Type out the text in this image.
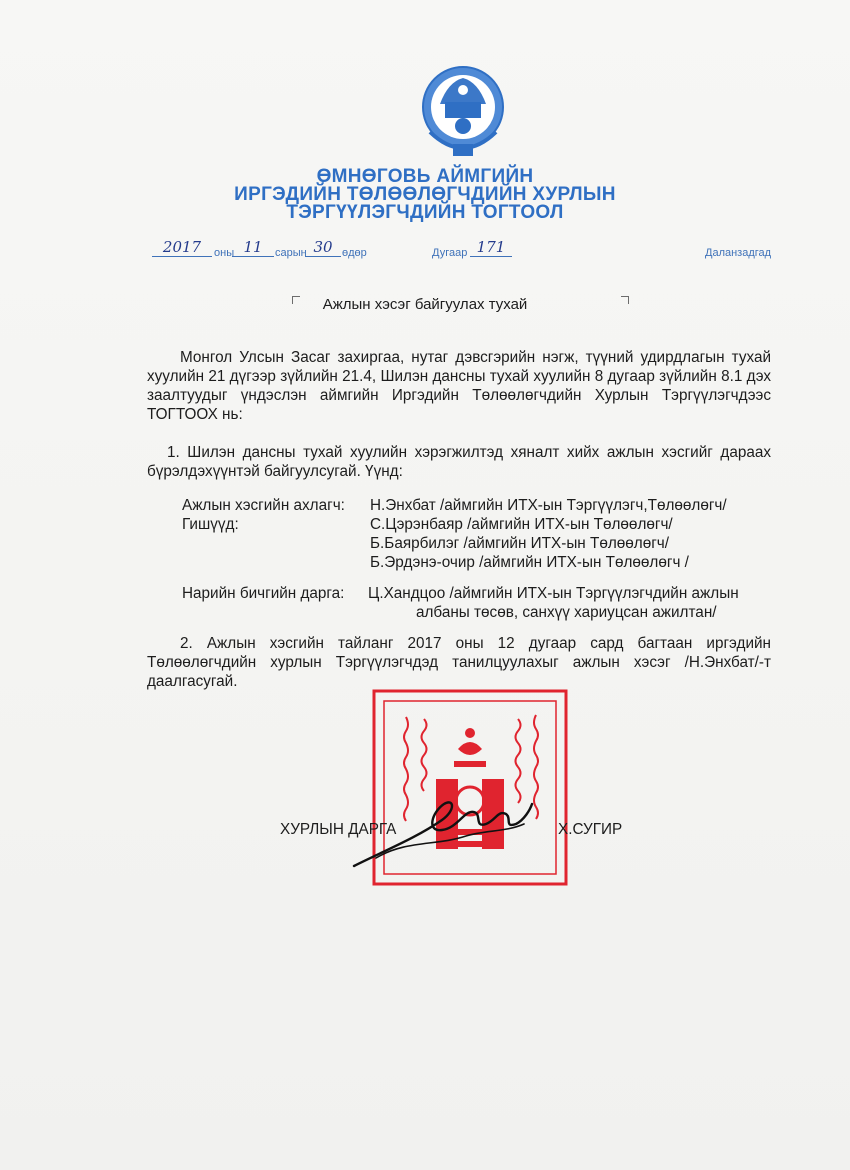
ӨМНӨГОВЬ АЙМГИЙН
ИРГЭДИЙН ТӨЛӨӨЛӨГЧДИЙН ХУРЛЫН
ТЭРГҮҮЛЭГЧДИЙН ТОГТООЛ
2017	оны 11	сарын 30 өдөр	Дугаар 171	Даланзадгад
Ажлын хэсэг байгуулах тухай
Монгол Улсын Засаг захиргаа, нутаг дэвсгэрийн нэгж, түүний удирдлагын тухай хуулийн 21 дүгээр зүйлийн 21.4, Шилэн дансны тухай хуулийн 8 дугаар зүйлийн 8.1 дэх заалтуудыг үндэслэн аймгийн Иргэдийн Төлөөлөгчдийн Хурлын Тэргүүлэгчдээс ТОГТООХ нь:
1. Шилэн дансны тухай хуулийн хэрэгжилтэд хяналт хийх ажлын хэсгийг дараах бүрэлдэхүүнтэй байгуулсугай. Үүнд:
Ажлын хэсгийн ахлагч: Н.Энхбат /аймгийн ИТХ-ын Тэргүүлэгч,Төлөөлөгч/
Гишүүд:	С.Цэрэнбаяр /аймгийн ИТХ-ын Төлөөлөгч/
Б.Баярбилэг /аймгийн ИТХ-ын Төлөөлөгч/
Б.Эрдэнэ-очир /аймгийн ИТХ-ын Төлөөлөгч /
Нарийн бичгийн дарга: Ц.Хандцоо /аймгийн ИТХ-ын Тэргүүлэгчдийн ажлын
албаны төсөв, санхүү хариуцсан ажилтан/
2. Ажлын хэсгийн тайланг 2017 оны 12 дугаар сард багтаан иргэдийн Төлөөлөгчдийн хурлын Тэргүүлэгчдэд танилцуулахыг ажлын хэсэг /Н.Энхбат/-т даалгасугай.
ХУРЛЫН ДАРГА	Х.СУГИР
